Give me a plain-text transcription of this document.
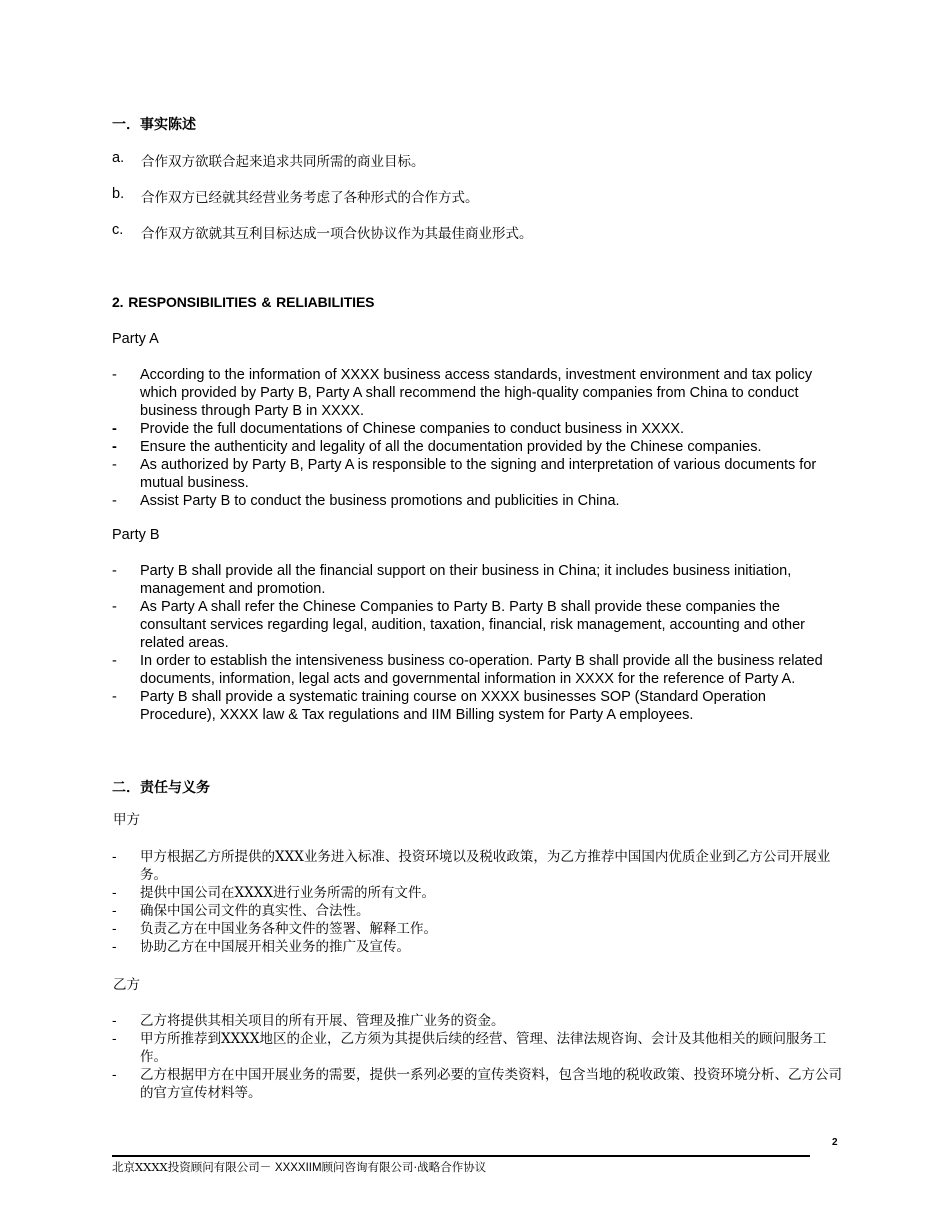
一．事实陈述
a. 合作双方欲联合起来追求共同所需的商业目标。
b. 合作双方已经就其经营业务考虑了各种形式的合作方式。
c. 合作双方欲就其互利目标达成一项合伙协议作为其最佳商业形式。
2. RESPONSIBILITIES & RELIABILITIES
Party A
- According to the information of XXXX business access standards, investment environment and tax policy which provided by Party B, Party A shall recommend the high-quality companies from China to conduct business through Party B in XXXX.
- Provide the full documentations of Chinese companies to conduct business in XXXX.
- Ensure the authenticity and legality of all the documentation provided by the Chinese companies.
- As authorized by Party B, Party A is responsible to the signing and interpretation of various documents for mutual business.
- Assist Party B to conduct the business promotions and publicities in China.
Party B
- Party B shall provide all the financial support on their business in China; it includes business initiation, management and promotion.
- As Party A shall refer the Chinese Companies to Party B. Party B shall provide these companies the consultant services regarding legal, audition, taxation, financial, risk management, accounting and other related areas.
- In order to establish the intensiveness business co-operation. Party B shall provide all the business related documents, information, legal acts and governmental information in XXXX for the reference of Party A.
- Party B shall provide a systematic training course on XXXX businesses SOP (Standard Operation Procedure), XXXX law & Tax regulations and IIM Billing system for Party A employees.
二．责任与义务
甲方
- 甲方根据乙方所提供的XXX业务进入标准、投资环境以及税收政策，为乙方推荐中国国内优质企业到乙方公司开展业务。
- 提供中国公司在XXXX进行业务所需的所有文件。
- 确保中国公司文件的真实性、合法性。
- 负责乙方在中国业务各种文件的签署、解释工作。
- 协助乙方在中国展开相关业务的推广及宣传。
乙方
- 乙方将提供其相关项目的所有开展、管理及推广业务的资金。
- 甲方所推荐到XXXX地区的企业，乙方须为其提供后续的经营、管理、法律法规咨询、会计及其他相关的顾问服务工作。
- 乙方根据甲方在中国开展业务的需要，提供一系列必要的宣传类资料，包含当地的税收政策、投资环境分析、乙方公司的官方宣传材料等。
2
北京XXXX投资顾问有限公司－ XXXXIIM顾问咨询有限公司·战略合作协议
